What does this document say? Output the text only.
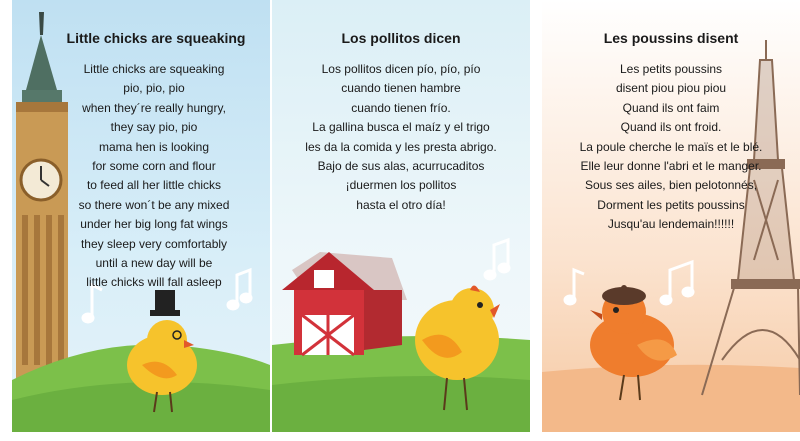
Little chicks are squeaking
Little chicks are squeaking
pio, pio, pio
when they´re really hungry,
they say pio, pio
mama hen is looking
for some corn and flour
to feed all her little chicks
so there won´t be any mixed
under her big long fat wings
they sleep very comfortably
until a new day will be
little chicks will fall asleep
Los pollitos dicen
Los pollitos dicen pío, pío, pío
cuando tienen hambre
cuando tienen frío.
La gallina busca el maíz y el trigo
les da la comida y les presta abrigo.
Bajo de sus alas, acurrucaditos
¡duermen los pollitos
hasta el otro día!
Les poussins disent
Les petits poussins
disent piou piou piou
Quand ils ont faim
Quand ils ont froid.
La poule cherche le maïs et le blé.
Elle leur donne l'abri et le manger.
Sous ses ailes, bien pelotonnés,
Dorment les petits poussins
Jusqu'au lendemain!!!!!!
